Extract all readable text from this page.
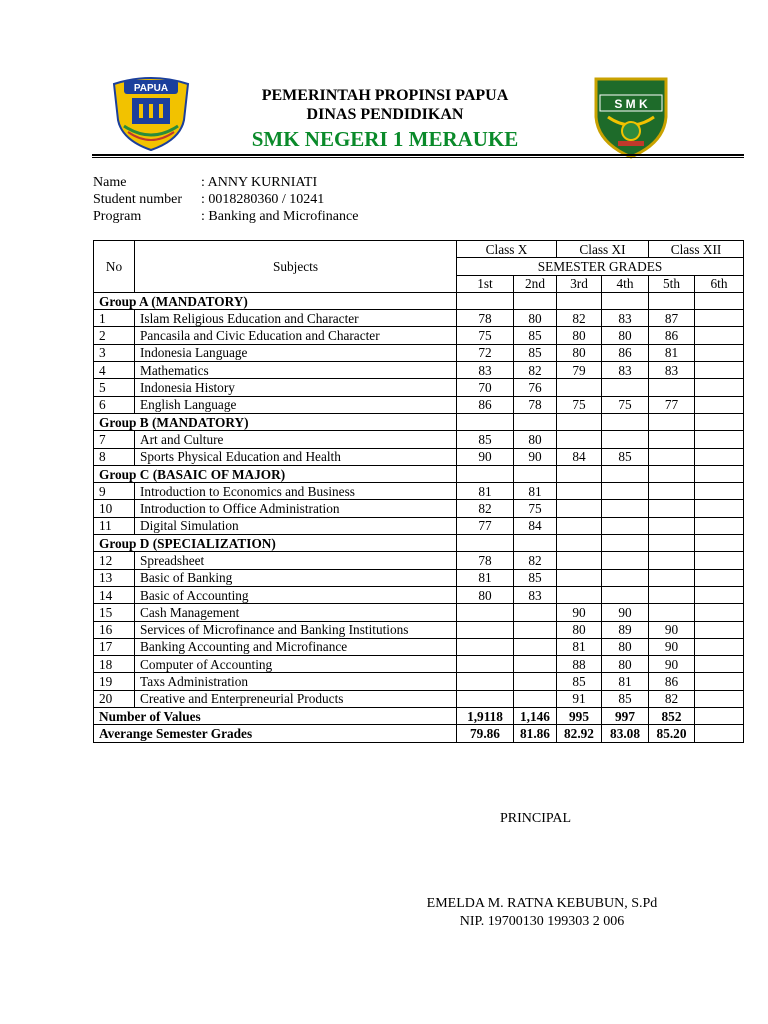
PAPUA
S M K
PEMERINTAH PROPINSI PAPUA
DINAS PENDIDIKAN
SMK NEGERI 1 MERAUKE
Name	: ANNY KURNIATI
Student number	: 0018280360 / 10241
Program	: Banking and Microfinance
No	Subjects	Class X		Class XI		Class XII	
		SEMESTER GRADES					
		1st	2nd	3rd	4th	5th	6th
Group A (MANDATORY)							
1	Islam Religious Education and Character	78	80	82	83	87	
2	Pancasila and Civic Education and Character	75	85	80	80	86	
3	Indonesia Language	72	85	80	86	81	
4	Mathematics	83	82	79	83	83	
5	Indonesia History	70	76				
6	English Language	86	78	75	75	77	
Group B (MANDATORY)							
7	Art and Culture	85	80				
8	Sports Physical Education and Health	90	90	84	85		
Group C (BASAIC OF MAJOR)							
9	Introduction to Economics and Business	81	81				
10	Introduction to Office Administration	82	75				
11	Digital Simulation	77	84				
Group D (SPECIALIZATION)							
12	Spreadsheet	78	82				
13	Basic of Banking	81	85				
14	Basic of Accounting	80	83				
15	Cash Management			90	90		
16	Services of Microfinance and Banking Institutions			80	89	90	
17	Banking Accounting and Microfinance			81	80	90	
18	Computer of Accounting			88	80	90	
19	Taxs Administration			85	81	86	
20	Creative and Enterpreneurial Products			91	85	82	
Number of Values		1,9118	1,146	995	997	852	
Averange Semester Grades		79.86	81.86	82.92	83.08	85.20	
PRINCIPAL
EMELDA M. RATNA KEBUBUN, S.Pd
NIP. 19700130 199303 2 006
